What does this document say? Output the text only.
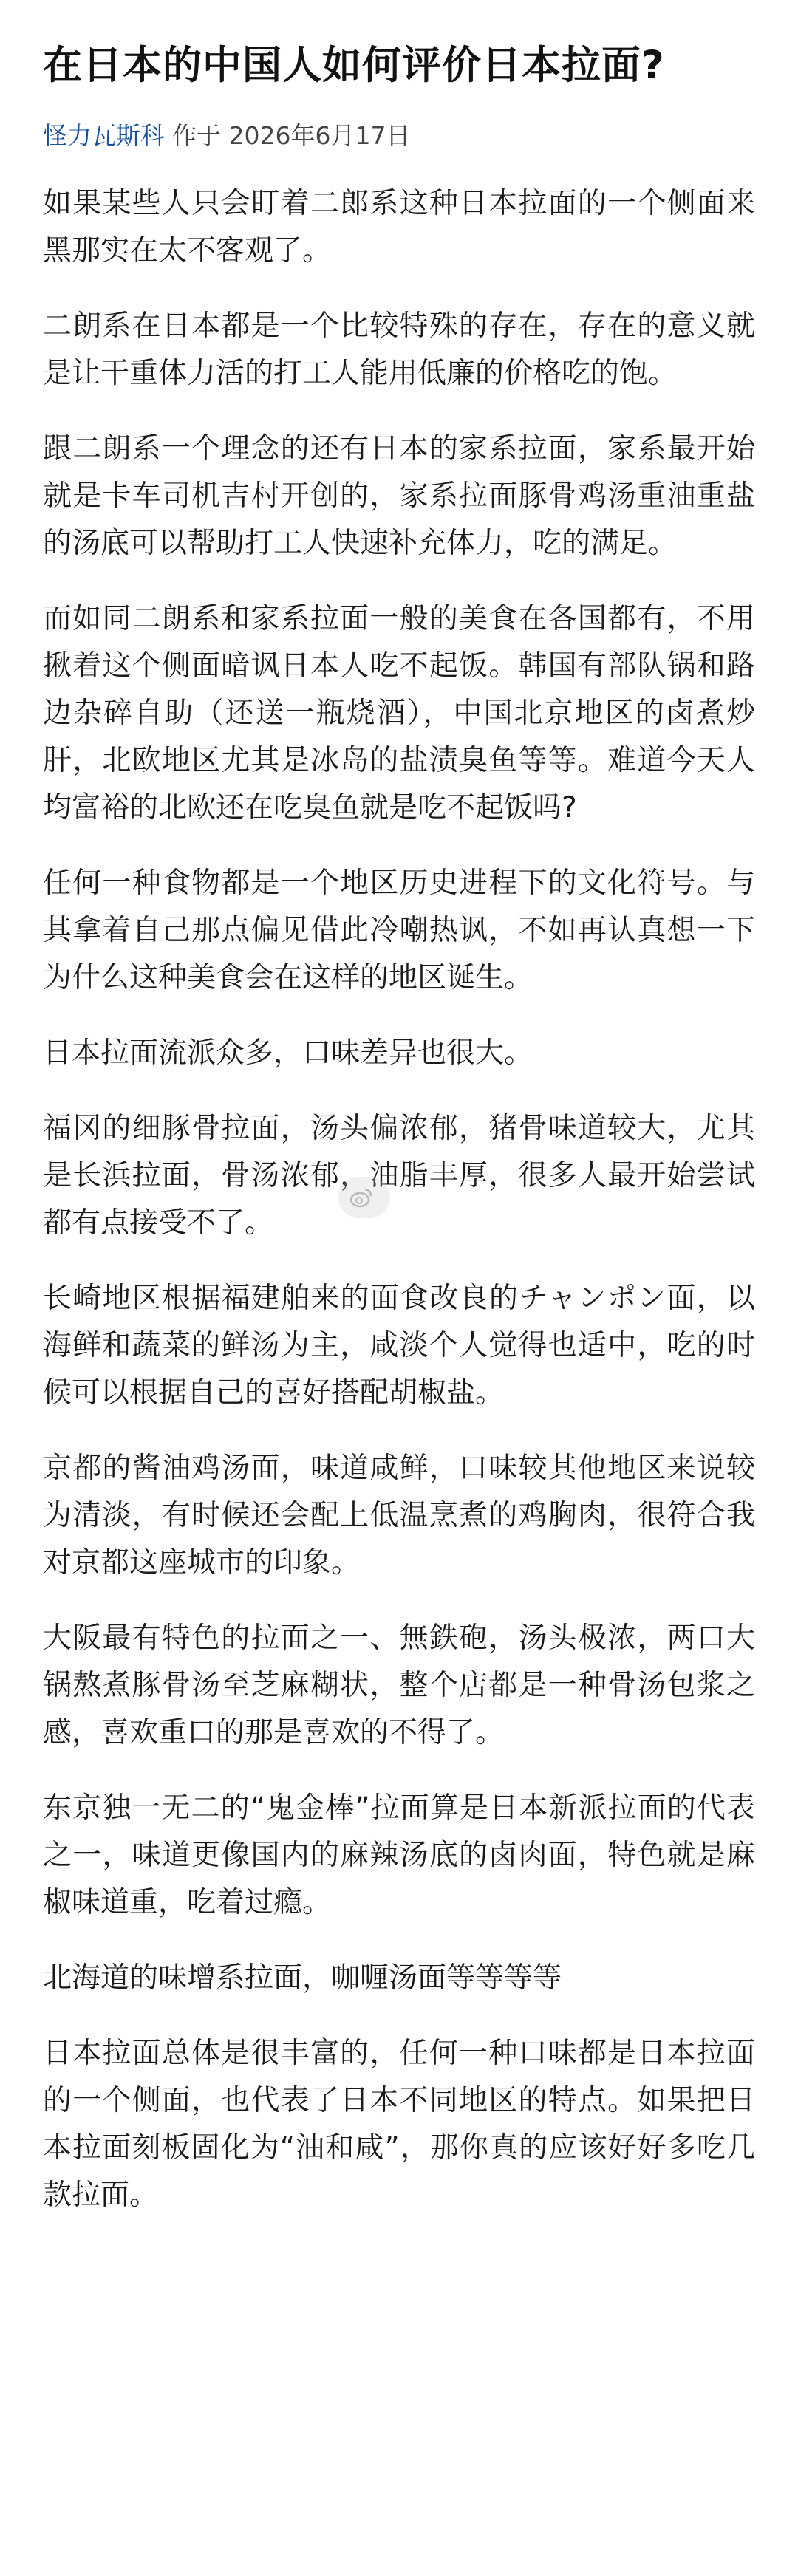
在日本的中国人如何评价日本拉面?
怪力瓦斯科 作于 2026年6月17日

如果某些人只会盯着二郎系这种日本拉面的一个侧面来黑那实在太不客观了。

二朗系在日本都是一个比较特殊的存在，存在的意义就是让干重体力活的打工人能用低廉的价格吃的饱。

跟二朗系一个理念的还有日本的家系拉面，家系最开始就是卡车司机吉村开创的，家系拉面豚骨鸡汤重油重盐的汤底可以帮助打工人快速补充体力，吃的满足。

而如同二朗系和家系拉面一般的美食在各国都有，不用揪着这个侧面暗讽日本人吃不起饭。韩国有部队锅和路边杂碎自助（还送一瓶烧酒），中国北京地区的卤煮炒肝，北欧地区尤其是冰岛的盐渍臭鱼等等。难道今天人均富裕的北欧还在吃臭鱼就是吃不起饭吗?

任何一种食物都是一个地区历史进程下的文化符号。与其拿着自己那点偏见借此冷嘲热讽，不如再认真想一下为什么这种美食会在这样的地区诞生。

日本拉面流派众多，口味差异也很大。

福冈的细豚骨拉面，汤头偏浓郁，猪骨味道较大，尤其是长浜拉面，骨汤浓郁，油脂丰厚，很多人最开始尝试都有点接受不了。

长崎地区根据福建舶来的面食改良的チャンポン面，以海鲜和蔬菜的鲜汤为主，咸淡个人觉得也适中，吃的时候可以根据自己的喜好搭配胡椒盐。

京都的酱油鸡汤面，味道咸鲜，口味较其他地区来说较为清淡，有时候还会配上低温烹煮的鸡胸肉，很符合我对京都这座城市的印象。

大阪最有特色的拉面之一、無鉄砲，汤头极浓，两口大锅熬煮豚骨汤至芝麻糊状，整个店都是一种骨汤包浆之感，喜欢重口的那是喜欢的不得了。

东京独一无二的“鬼金棒”拉面算是日本新派拉面的代表之一，味道更像国内的麻辣汤底的卤肉面，特色就是麻椒味道重，吃着过瘾。

北海道的味增系拉面，咖喱汤面等等等等

日本拉面总体是很丰富的，任何一种口味都是日本拉面的一个侧面，也代表了日本不同地区的特点。如果把日本拉面刻板固化为“油和咸”，那你真的应该好好多吃几款拉面。
